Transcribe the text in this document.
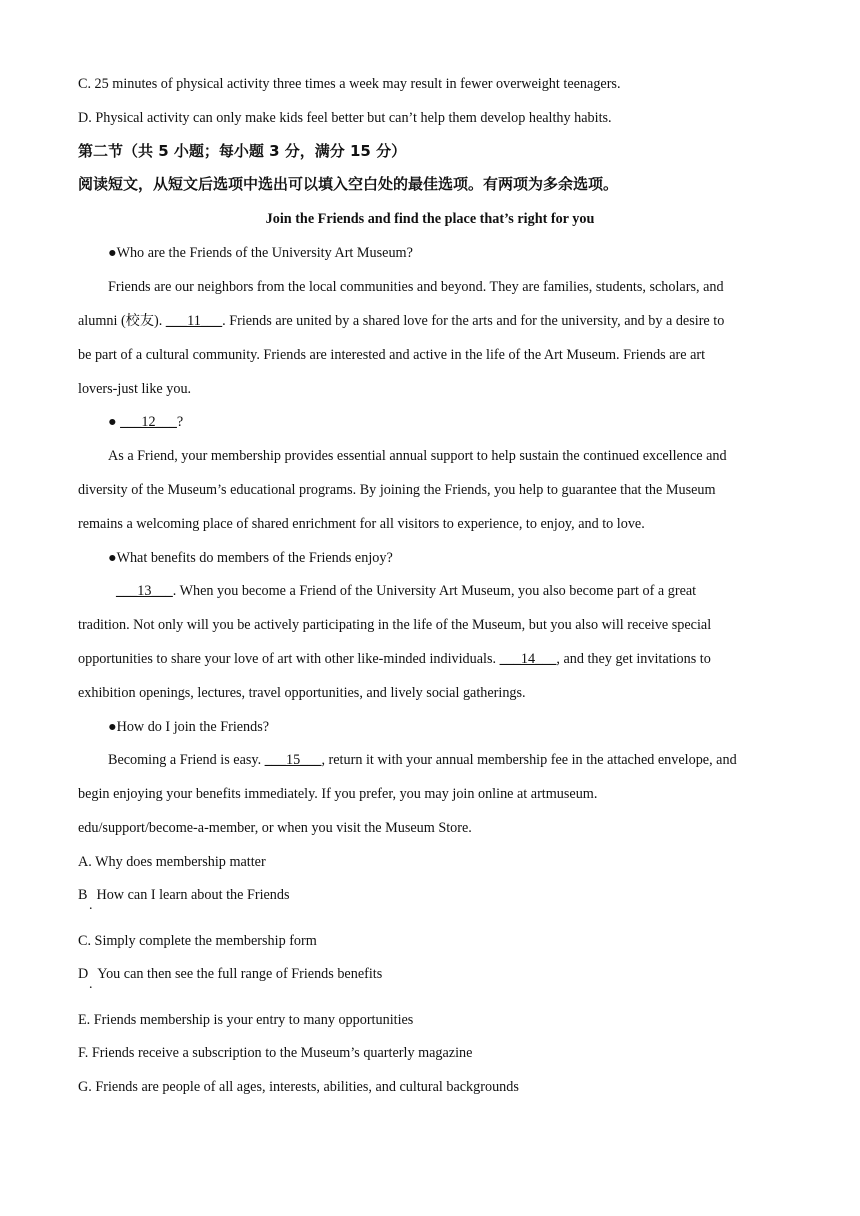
C. 25 minutes of physical activity three times a week may result in fewer overweight teenagers.
D. Physical activity can only make kids feel better but can’t help them develop healthy habits.
第二节（共 5 小题；每小题 3 分，满分 15 分）
阅读短文，从短文后选项中选出可以填入空白处的最佳选项。有两项为多余选项。
Join the Friends and find the place that’s right for you
●Who are the Friends of the University Art Museum?
Friends are our neighbors from the local communities and beyond. They are families, students, scholars, and
alumni (校友). ___11___. Friends are united by a shared love for the arts and for the university, and by a desire to
be part of a cultural community. Friends are interested and active in the life of the Art Museum. Friends are art
lovers-just like you.
● ___12___?
As a Friend, your membership provides essential annual support to help sustain the continued excellence and
diversity of the Museum’s educational programs. By joining the Friends, you help to guarantee that the Museum
remains a welcoming place of shared enrichment for all visitors to experience, to enjoy, and to love.
●What benefits do members of the Friends enjoy?
___13___. When you become a Friend of the University Art Museum, you also become part of a great
tradition. Not only will you be actively participating in the life of the Museum, but you also will receive special
opportunities to share your love of art with other like-minded individuals. ___14___, and they get invitations to
exhibition openings, lectures, travel opportunities, and lively social gatherings.
●How do I join the Friends?
Becoming a Friend is easy. ___15___, return it with your annual membership fee in the attached envelope, and
begin enjoying your benefits immediately. If you prefer, you may join online at artmuseum.
edu/support/become-a-member, or when you visit the Museum Store.
A. Why does membership matter
B How can I learn about the Friends
.
C. Simply complete the membership form
D You can then see the full range of Friends benefits
.
E. Friends membership is your entry to many opportunities
F. Friends receive a subscription to the Museum’s quarterly magazine
G. Friends are people of all ages, interests, abilities, and cultural backgrounds
